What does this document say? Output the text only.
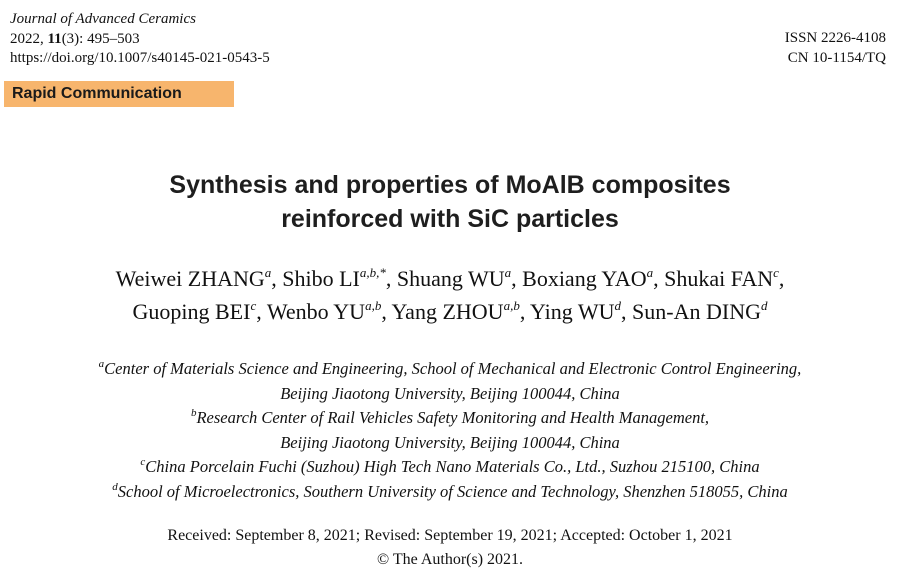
Journal of Advanced Ceramics
2022, 11(3): 495–503
https://doi.org/10.1007/s40145-021-0543-5
ISSN 2226-4108
CN 10-1154/TQ
Rapid Communication
Synthesis and properties of MoAlB composites
reinforced with SiC particles
Weiwei ZHANG$^a$, Shibo $LI^{a,b,*}$, Shuang $WU^a$, Boxiang YAO$^a$, Shukai FAN$^c$,
Guoping BEI$^c$, Wenbo YU$^{a,b}$, Yang ZHOU$^{a,b}$, Ying $WU^d$, Sun-An DING$^d$
$^a$Center of Materials Science and Engineering, School of Mechanical and Electronic Control Engineering,
Beijing Jiaotong University, Beijing 100044, China
$^b$Research Center of Rail Vehicles Safety Monitoring and Health Management,
Beijing Jiaotong University, Beijing 100044, China
$^c$China Porcelain Fuchi (Suzhou) High Tech Nano Materials Co., Ltd., Suzhou 215100, China
$^d$School of Microelectronics, Southern University of Science and Technology, Shenzhen 518055, China
Received: September 8, 2021; Revised: September 19, 2021; Accepted: October 1, 2021
© The Author(s) 2021.
